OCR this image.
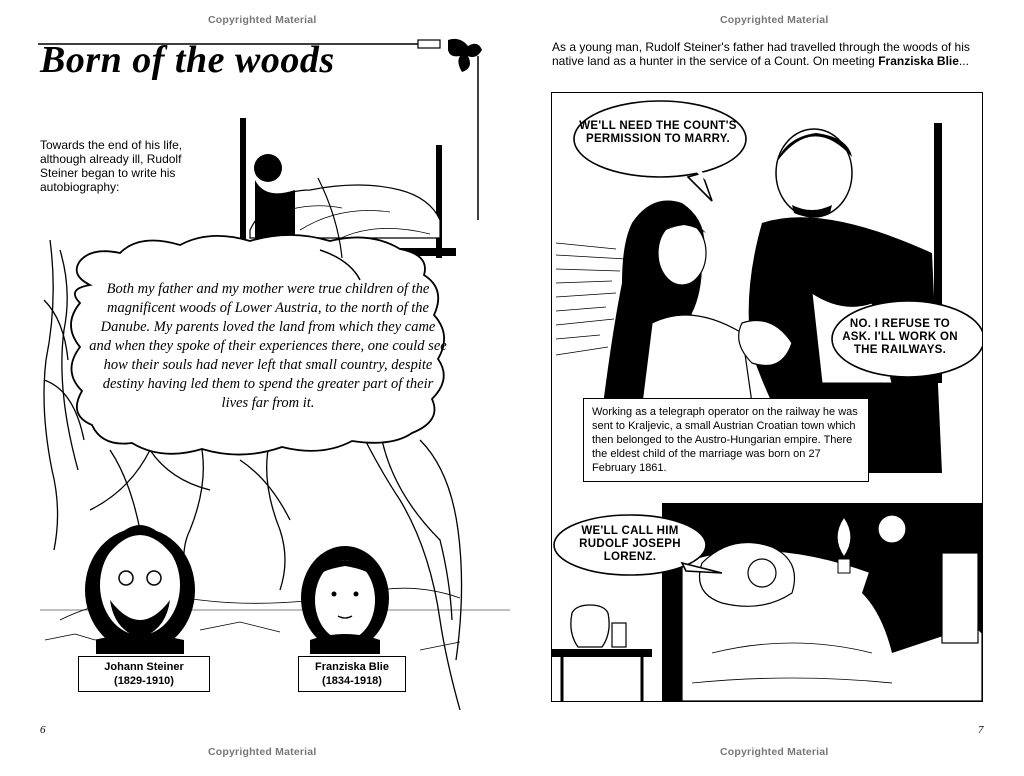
Copyrighted Material
Born of the woods
Towards the end of his life, although already ill, Rudolf Steiner began to write his autobiography:
Both my father and my mother were true children of the magnificent woods of Lower Austria, to the north of the Danube. My parents loved the land from which they came and when they spoke of their experiences there, one could see how their souls had never left that small country, despite destiny having led them to spend the greater part of their lives far from it.
Johann Steiner
(1829-1910)
Franziska Blie
(1834-1918)
6
Copyrighted Material
Copyrighted Material
7
Copyrighted Material
As a young man, Rudolf Steiner's father had travelled through the woods of his native land as a hunter in the service of a Count. On meeting Franziska Blie...
WE'LL NEED THE COUNT'S PERMISSION TO MARRY.
NO. I REFUSE TO ASK. I'LL WORK ON THE RAILWAYS.
WE'LL CALL HIM RUDOLF JOSEPH LORENZ.
Working as a telegraph operator on the railway he was sent to Kraljevic, a small Austrian Croatian town which then belonged to the Austro-Hungarian empire. There the eldest child of the marriage was born on 27 February 1861.
